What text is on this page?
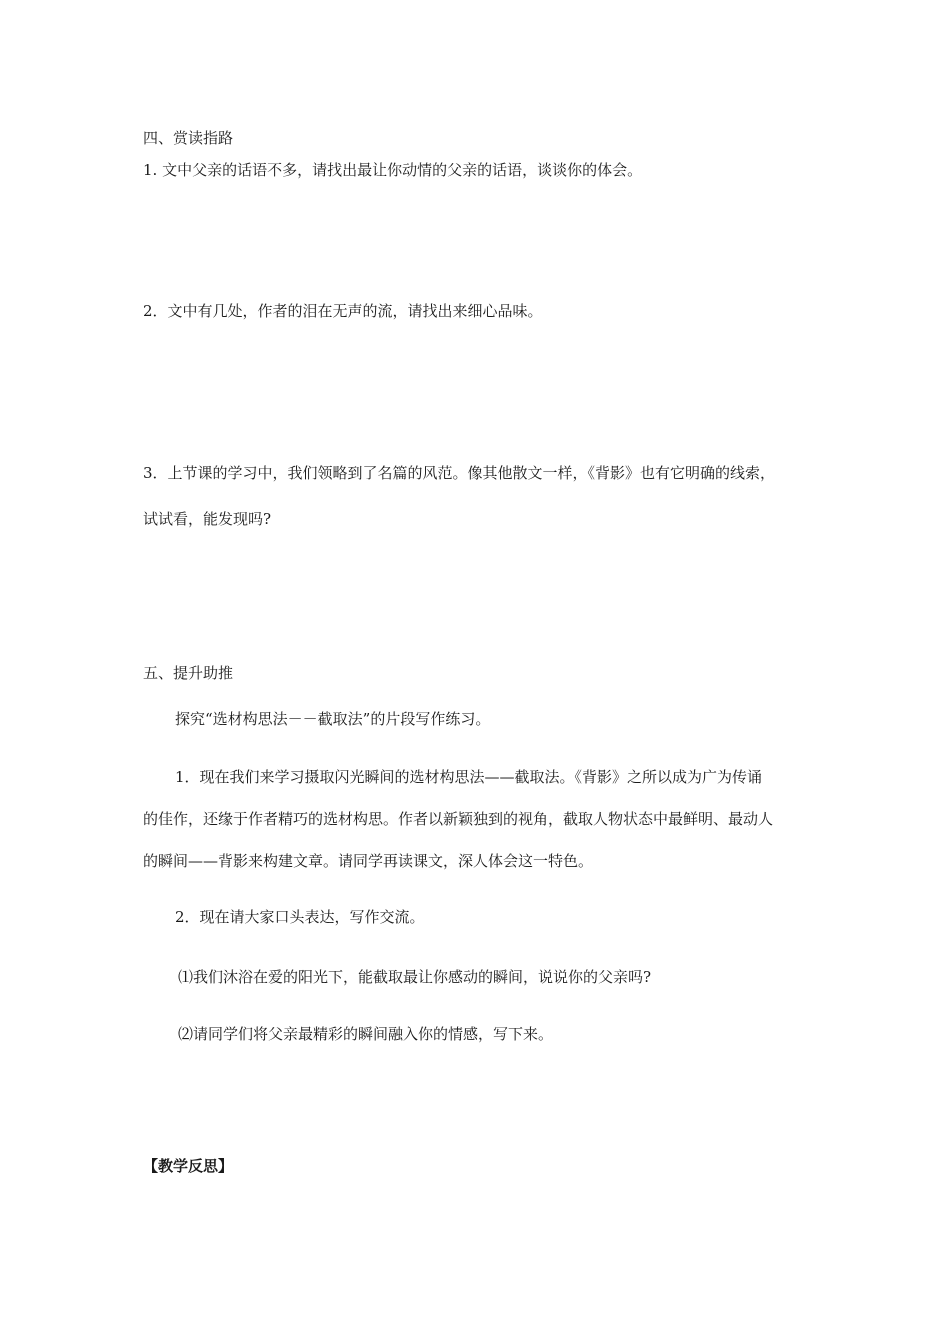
四、赏读指路
1. 文中父亲的话语不多，请找出最让你动情的父亲的话语，谈谈你的体会。
2．文中有几处，作者的泪在无声的流，请找出来细心品味。
3．上节课的学习中，我们领略到了名篇的风范。像其他散文一样，《背影》也有它明确的线索，
试试看，能发现吗?
五、提升助推
探究“选材构思法－－截取法”的片段写作练习。
1．现在我们来学习摄取闪光瞬间的选材构思法——截取法。《背影》之所以成为广为传诵
的佳作，还缘于作者精巧的选材构思。作者以新颖独到的视角，截取人物状态中最鲜明、最动人
的瞬间——背影来构建文章。请同学再读课文，深人体会这一特色。
2．现在请大家口头表达，写作交流。
⑴我们沐浴在爱的阳光下，能截取最让你感动的瞬间，说说你的父亲吗?
⑵请同学们将父亲最精彩的瞬间融入你的情感，写下来。
【教学反思】
